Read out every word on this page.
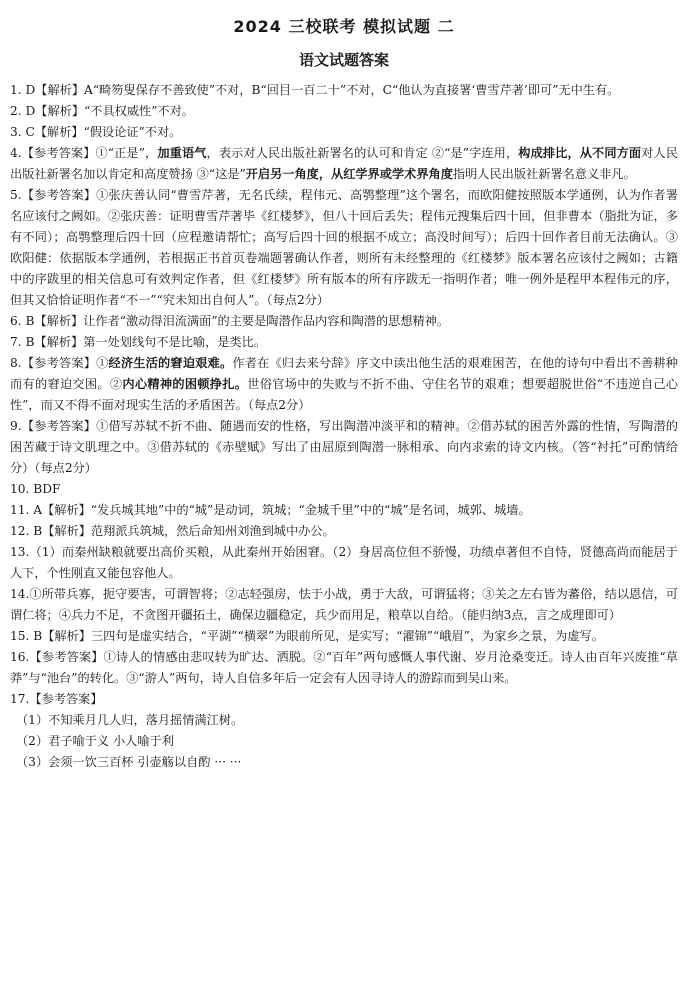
2024 三校联考 模拟试题 二
语文试题答案

1. D【解析】A“畸笏叟保存不善致使”不对，B“回目一百二十”不对，C“他认为直接署‘曹雪芹著’即可”无中生有。

2. D【解析】“不具权威性”不对。

3. C【解析】“假设论证”不对。

4.【参考答案】①“正是”，加重语气，表示对人民出版社新署名的认可和肯定 ②“是”字连用，构成排比，从不同方面对人民出版社新署名加以肯定和高度赞扬 ③“这是”开启另一角度，从红学界或学术界角度指明人民出版社新署名意义非凡。

5.【参考答案】①张庆善认同“曹雪芹著，无名氏续，程伟元、高鹗整理”这个署名，而欧阳健按照版本学通例，认为作者署名应该付之阙如。②张庆善：证明曹雪芹著毕《红楼梦》，但八十回后丢失；程伟元搜集后四十回，但非曹本（脂批为证，多有不同）；高鹗整理后四十回（应程邀请帮忙；高写后四十回的根据不成立；高没时间写）；后四十回作者目前无法确认。③欧阳健：依据版本学通例，若根据正书首页卷端题署确认作者，则所有未经整理的《红楼梦》版本署名应该付之阙如；古籍中的序跋里的相关信息可有效判定作者，但《红楼梦》所有版本的所有序跋无一指明作者；唯一例外是程甲本程伟元的序，但其又恰恰证明作者“不一”“究未知出自何人”。（每点2分）

6. B【解析】让作者“激动得泪流满面”的主要是陶潜作品内容和陶潜的思想精神。

7. B【解析】第一处划线句不是比喻，是类比。

8.【参考答案】①经济生活的窘迫艰难。作者在《归去来兮辞》序文中读出他生活的艰难困苦，在他的诗句中看出不善耕种而有的窘迫交困。②内心精神的困顿挣扎。世俗官场中的失败与不折不曲、守住名节的艰难；想要超脱世俗“不违逆自己心性”，而又不得不面对现实生活的矛盾困苦。（每点2分）

9.【参考答案】①借写苏轼不折不曲、随遇而安的性格，写出陶潜冲淡平和的精神。②借苏轼的困苦外露的性情，写陶潜的困苦藏于诗文肌理之中。③借苏轼的《赤壁赋》写出了由屈原到陶潜一脉相承、向内求索的诗文内核。（答“衬托”可酌情给分）（每点2分）

10. BDF

11. A【解析】“发兵城其地”中的“城”是动词，筑城；“金城千里”中的“城”是名词，城郭、城墙。

12. B【解析】范翔派兵筑城，然后命知州刘渔到城中办公。

13.（1）而秦州缺粮就要出高价买粮，从此秦州开始困窘。（2）身居高位但不骄慢，功绩卓著但不自恃，贤德高尚而能居于人下，个性刚直又能包容他人。

14.①所带兵寡，扼守要害，可谓智将；②志轻强房，怯于小战，勇于大敌，可谓猛将；③关之左右皆为蕃俗，结以恩信，可谓仁将；④兵力不足，不贪图开疆拓土，确保边疆稳定，兵少而用足，粮草以自给。（能归纳3点，言之成理即可）

15. B【解析】三四句是虚实结合，“平湖”“横翠”为眼前所见，是实写；“濯锦”“峨眉”，为家乡之景，为虚写。

16.【参考答案】①诗人的情感由悲叹转为旷达、洒脱。②“百年”两句感慨人事代谢、岁月沧桑变迁。诗人由百年兴废推“草莽”与“池台”的转化。③“游人”两句，诗人自信多年后一定会有人因寻诗人的游踪而到吴山来。

17.【参考答案】

（1）不知乘月几人归，落月摇情满江树。

（2）君子喻于义 小人喻于利

（3）会须一饮三百杯 引壶觞以自酌 ··· ···
